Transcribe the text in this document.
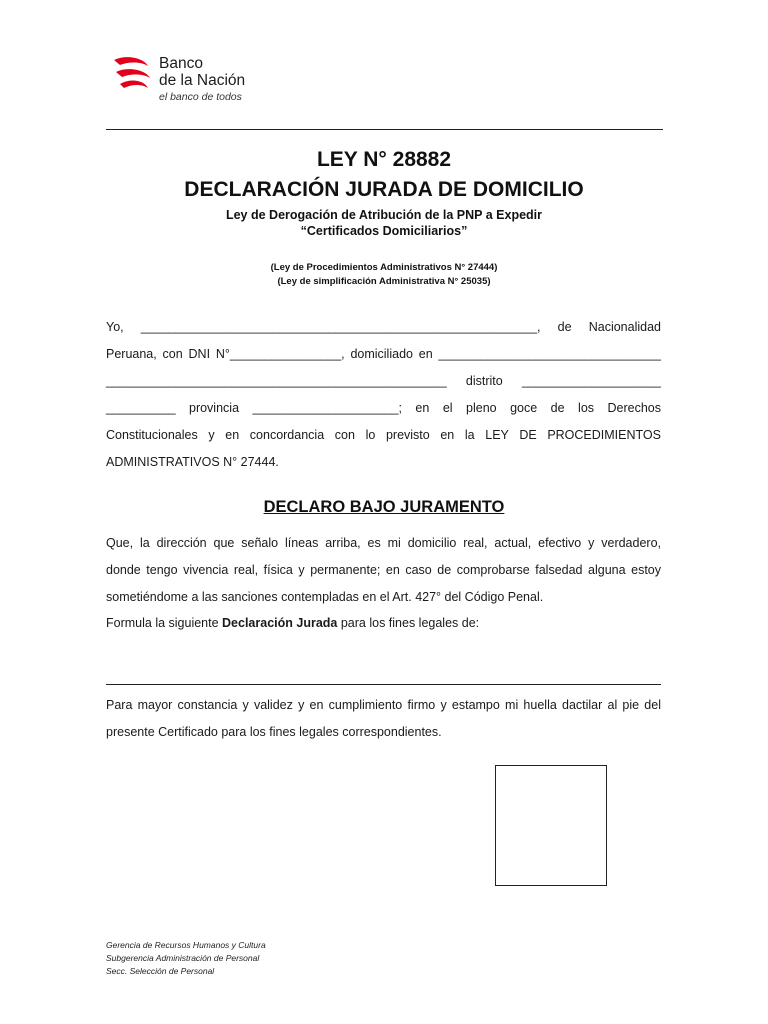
Banco
de la Nación
el banco de todos
LEY N° 28882
DECLARACIÓN JURADA DE DOMICILIO
Ley de Derogación de Atribución de la PNP a Expedir
“Certificados Domiciliarios”
(Ley de Procedimientos Administrativos N° 27444)
(Ley de simplificación Administrativa N° 25035)
Yo, _________________________________________________________, de Nacionalidad
Peruana, con DNI N°________________, domiciliado en ________________________________
_________________________________________________ distrito ____________________
__________ provincia _____________________; en el pleno goce de los Derechos
Constitucionales y en concordancia con lo previsto en la LEY DE PROCEDIMIENTOS
ADMINISTRATIVOS N° 27444.
DECLARO BAJO JURAMENTO
Que, la dirección que señalo líneas arriba, es mi domicilio real, actual, efectivo y verdadero,
donde tengo vivencia real, física y permanente; en caso de comprobarse falsedad alguna estoy
sometiéndome a las sanciones contempladas en el Art. 427° del Código Penal.
Formula la siguiente Declaración Jurada para los fines legales de:
Para mayor constancia y validez y en cumplimiento firmo y estampo mi huella dactilar al pie del
presente Certificado para los fines legales correspondientes.
Gerencia de Recursos Humanos y Cultura
Subgerencia Administración de Personal
Secc. Selección de Personal
